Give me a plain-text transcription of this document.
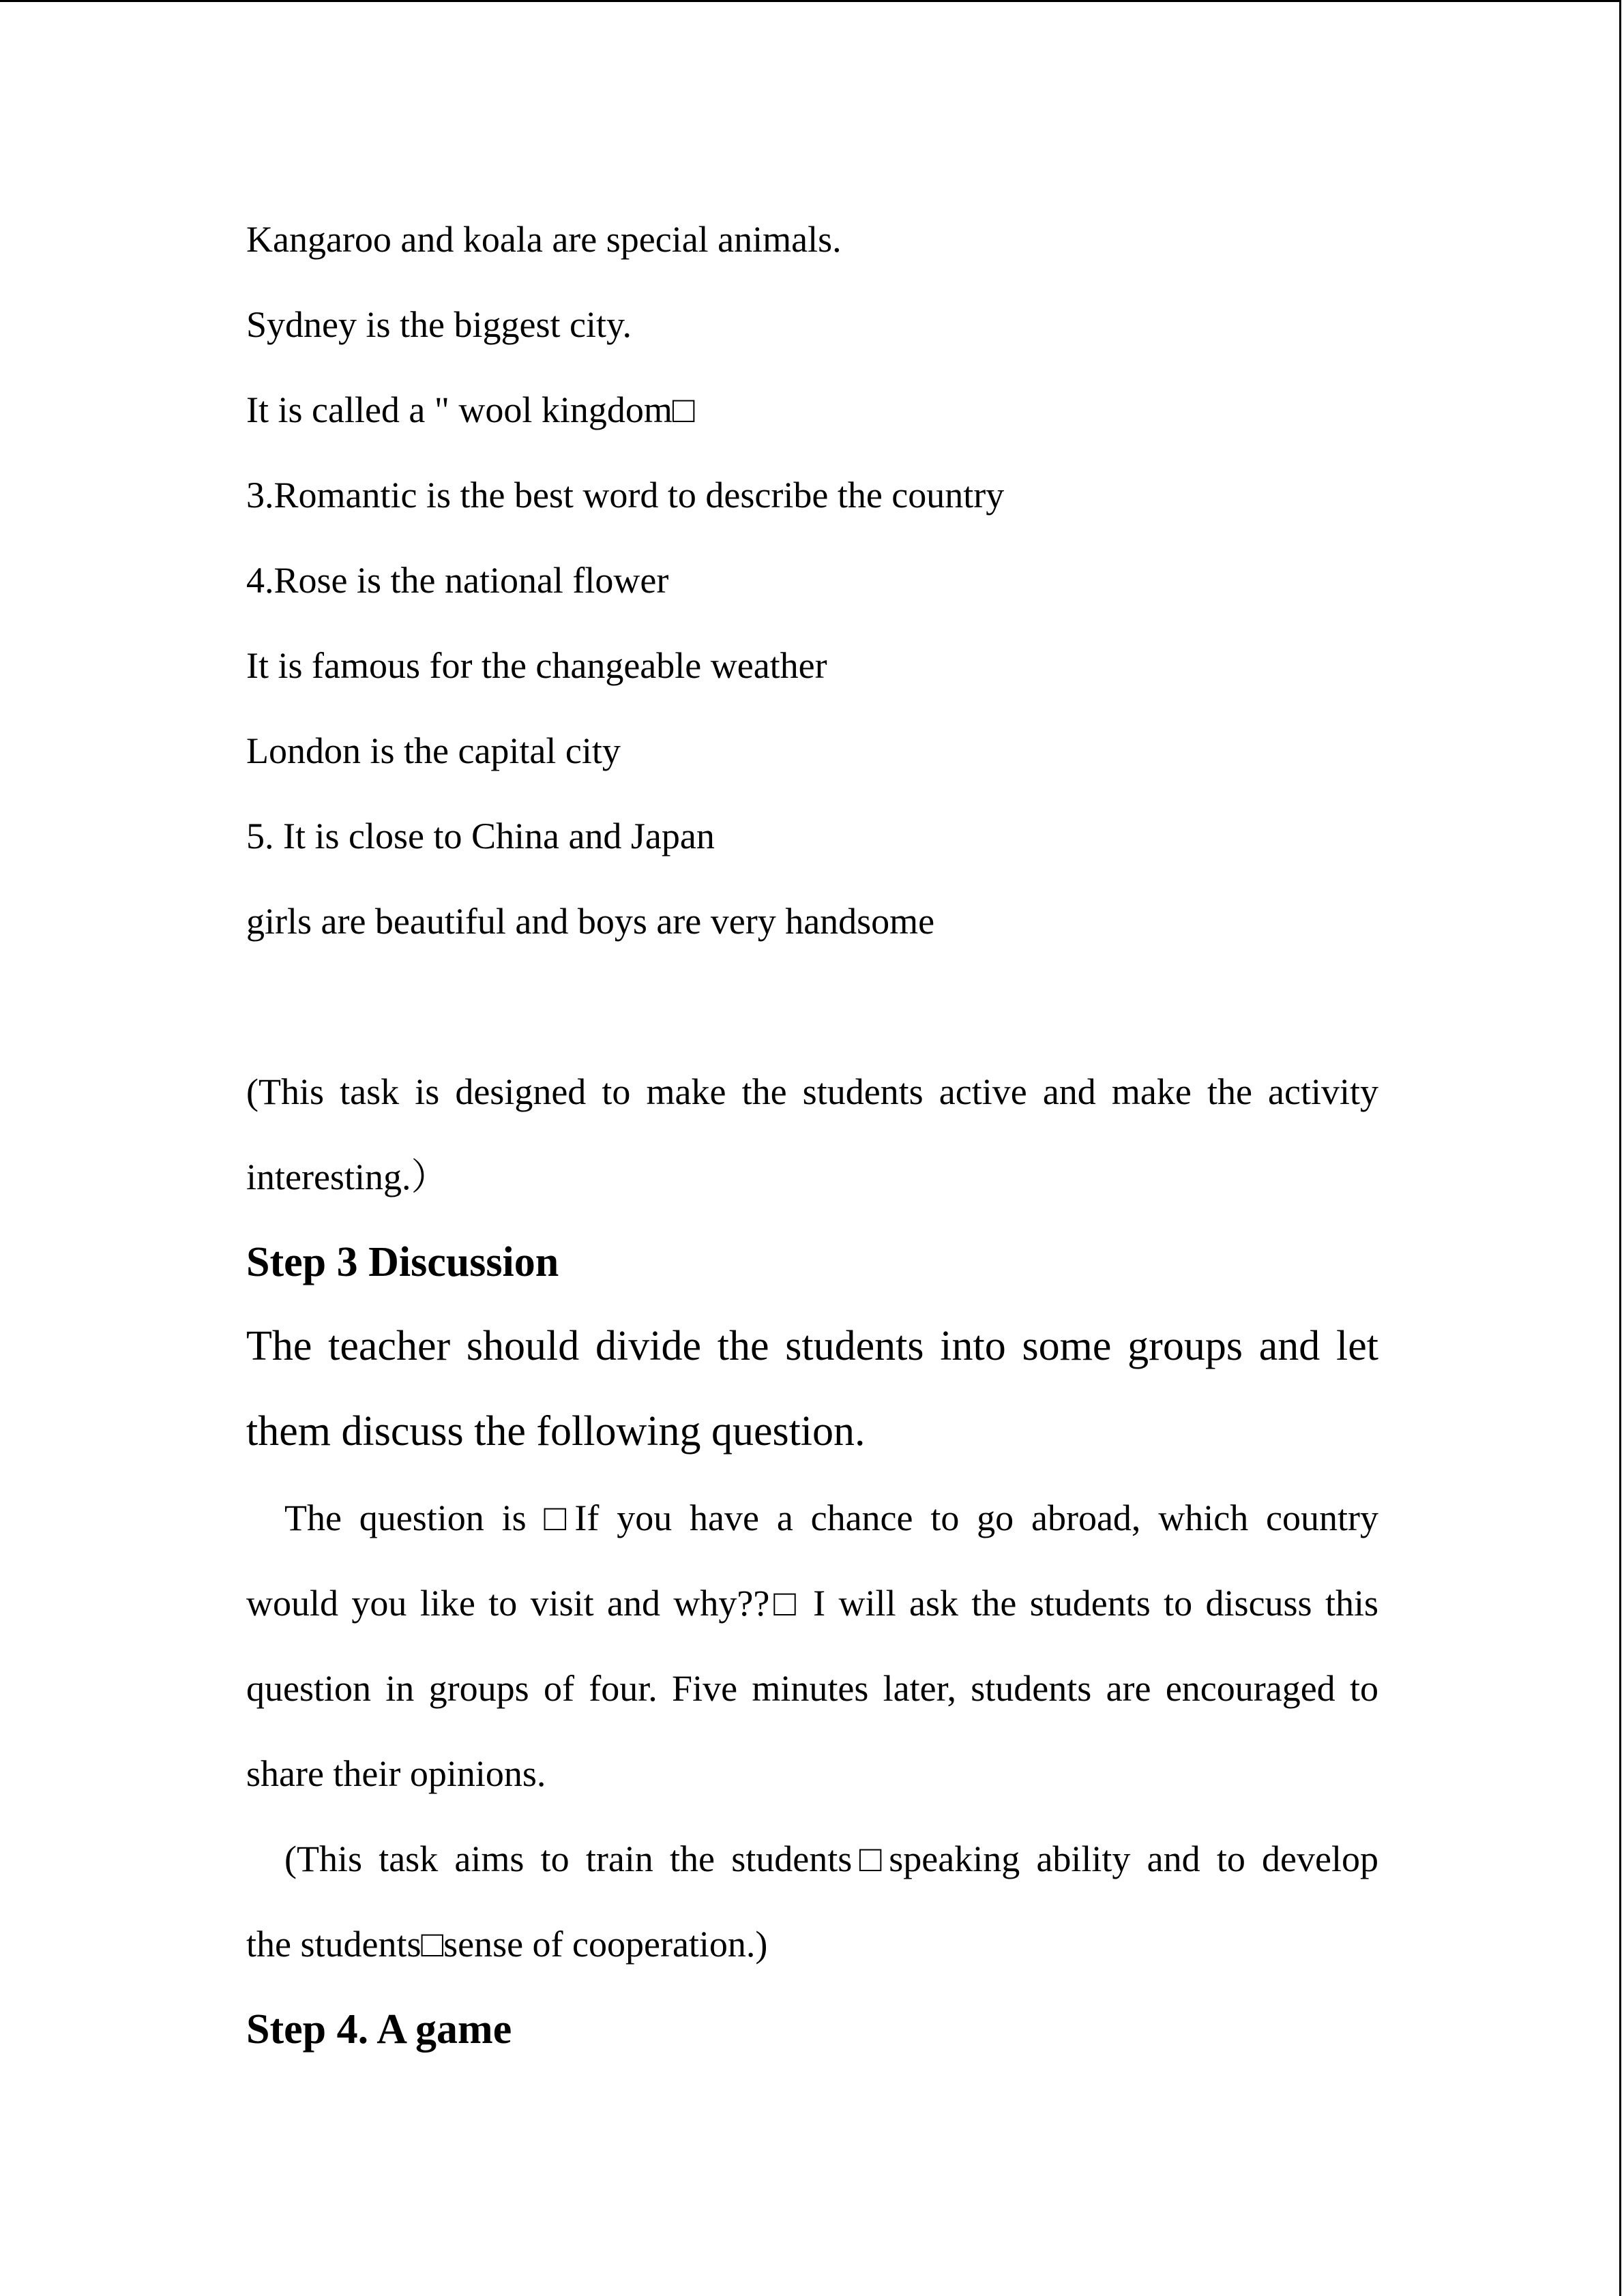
Kangaroo and koala are special animals.
Sydney is the biggest city.
It is called a " wool kingdom□
3.Romantic is the best word to describe the country
4.Rose is the national flower
It is famous for the changeable weather
London is the capital city
5. It is close to China and Japan
girls are beautiful and boys are very handsome
(This task is designed to make the students active and make the activity
interesting.）
Step 3 Discussion
The teacher should divide the students into some groups and let
them discuss the following question.
The question is □If you have a chance to go abroad, which country
would you like to visit and why??□ I will ask the students to discuss this
question in groups of four. Five minutes later, students are encouraged to
share their opinions.
(This task aims to train the students□speaking ability and to develop
the students□sense of cooperation.)
Step 4. A game
